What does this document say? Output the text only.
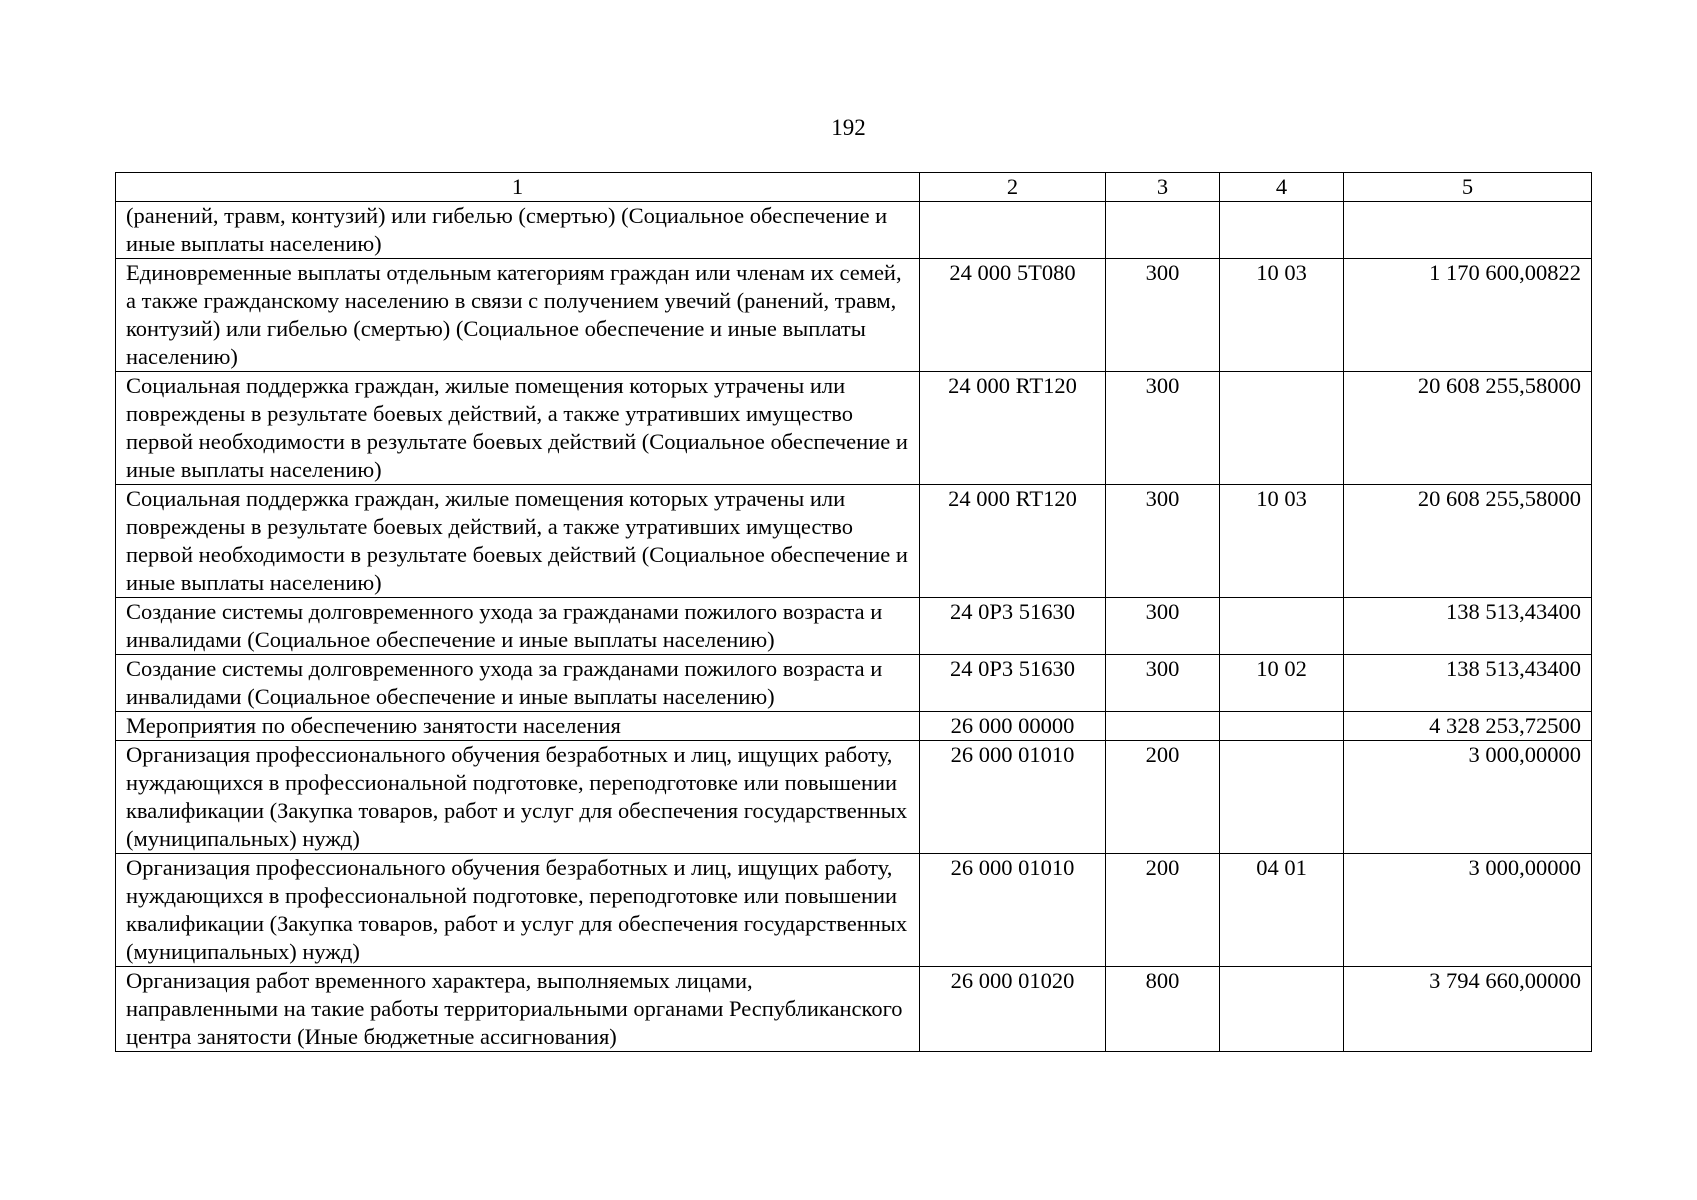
192
1	2	3	4	5
(ранений, травм, контузий) или гибелью (смертью) (Социальное обеспечение и иные выплаты населению)				
Единовременные выплаты отдельным категориям граждан или членам их семей, а также гражданскому населению в связи с получением увечий (ранений, травм, контузий) или гибелью (смертью) (Социальное обеспечение и иные выплаты населению)	24 000 5Т080	300	10 03	1 170 600,00822
Социальная поддержка граждан, жилые помещения которых утрачены или повреждены в результате боевых действий, а также утративших имущество первой необходимости в результате боевых действий (Социальное обеспечение и иные выплаты населению)	24 000 RT120	300		20 608 255,58000
Социальная поддержка граждан, жилые помещения которых утрачены или повреждены в результате боевых действий, а также утративших имущество первой необходимости в результате боевых действий (Социальное обеспечение и иные выплаты населению)	24 000 RT120	300	10 03	20 608 255,58000
Создание системы долговременного ухода за гражданами пожилого возраста и инвалидами (Социальное обеспечение и иные выплаты населению)	24 0Р3 51630	300		138 513,43400
Создание системы долговременного ухода за гражданами пожилого возраста и инвалидами (Социальное обеспечение и иные выплаты населению)	24 0Р3 51630	300	10 02	138 513,43400
Мероприятия по обеспечению занятости населения	26 000 00000			4 328 253,72500
Организация профессионального обучения безработных и лиц, ищущих работу, нуждающихся в профессиональной подготовке, переподготовке или повышении квалификации (Закупка товаров, работ и услуг для обеспечения государственных (муниципальных) нужд)	26 000 01010	200		3 000,00000
Организация профессионального обучения безработных и лиц, ищущих работу, нуждающихся в профессиональной подготовке, переподготовке или повышении квалификации (Закупка товаров, работ и услуг для обеспечения государственных (муниципальных) нужд)	26 000 01010	200	04 01	3 000,00000
Организация работ временного характера, выполняемых лицами, направленными на такие работы территориальными органами Республиканского центра занятости (Иные бюджетные ассигнования)	26 000 01020	800		3 794 660,00000
